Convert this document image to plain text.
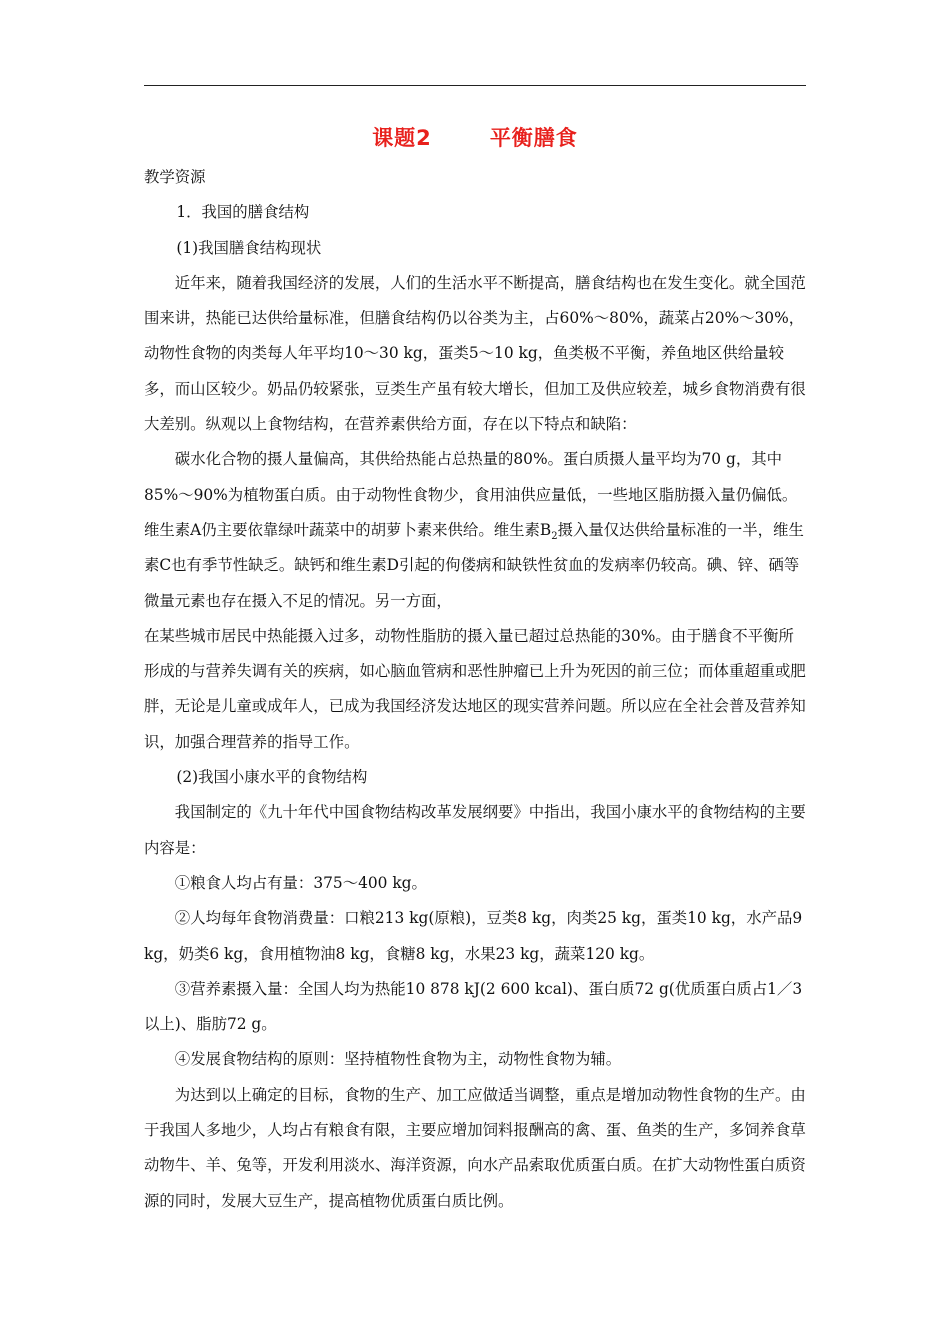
课题2	平衡膳食

教学资源

1．我国的膳食结构

(1)我国膳食结构现状

近年来，随着我国经济的发展，人们的生活水平不断提高，膳食结构也在发生变化。就全国范围来讲，热能已达供给量标准，但膳食结构仍以谷类为主，占60%～80%，蔬菜占20%～30%，动物性食物的肉类每人年平均10～30 kg，蛋类5～10 kg，鱼类极不平衡，养鱼地区供给量较多，而山区较少。奶品仍较紧张，豆类生产虽有较大增长，但加工及供应较差，城乡食物消费有很大差别。纵观以上食物结构，在营养素供给方面，存在以下特点和缺陷：

碳水化合物的摄人量偏高，其供给热能占总热量的80%。蛋白质摄人量平均为70 g，其中85%～90%为植物蛋白质。由于动物性食物少，食用油供应量低，一些地区脂肪摄入量仍偏低。维生素A仍主要依靠绿叶蔬菜中的胡萝卜素来供给。维生素$B_2$摄入量仅达供给量标准的一半，维生素C也有季节性缺乏。缺钙和维生素D引起的佝偻病和缺铁性贫血的发病率仍较高。碘、锌、硒等微量元素也存在摄入不足的情况。另一方面，

在某些城市居民中热能摄入过多，动物性脂肪的摄入量已超过总热能的30%。由于膳食不平衡所形成的与营养失调有关的疾病，如心脑血管病和恶性肿瘤已上升为死因的前三位；而体重超重或肥胖，无论是儿童或成年人，已成为我国经济发达地区的现实营养问题。所以应在全社会普及营养知识，加强合理营养的指导工作。

(2)我国小康水平的食物结构

我国制定的《九十年代中国食物结构改革发展纲要》中指出，我国小康水平的食物结构的主要内容是：

①粮食人均占有量：375～400 kg。

②人均每年食物消费量：口粮213 kg(原粮)，豆类8 kg，肉类25 kg，蛋类10 kg，水产品9 kg，奶类6 kg，食用植物油8 kg，食糖8 kg，水果23 kg，蔬菜120 kg。

③营养素摄入量：全国人均为热能10 878 kJ(2 600 kcal)、蛋白质72 g(优质蛋白质占1／3以上)、脂肪72 g。

④发展食物结构的原则：坚持植物性食物为主，动物性食物为辅。

为达到以上确定的目标，食物的生产、加工应做适当调整，重点是增加动物性食物的生产。由于我国人多地少，人均占有粮食有限，主要应增加饲料报酬高的禽、蛋、鱼类的生产，多饲养食草动物牛、羊、兔等，开发利用淡水、海洋资源，向水产品索取优质蛋白质。在扩大动物性蛋白质资源的同时，发展大豆生产，提高植物优质蛋白质比例。
